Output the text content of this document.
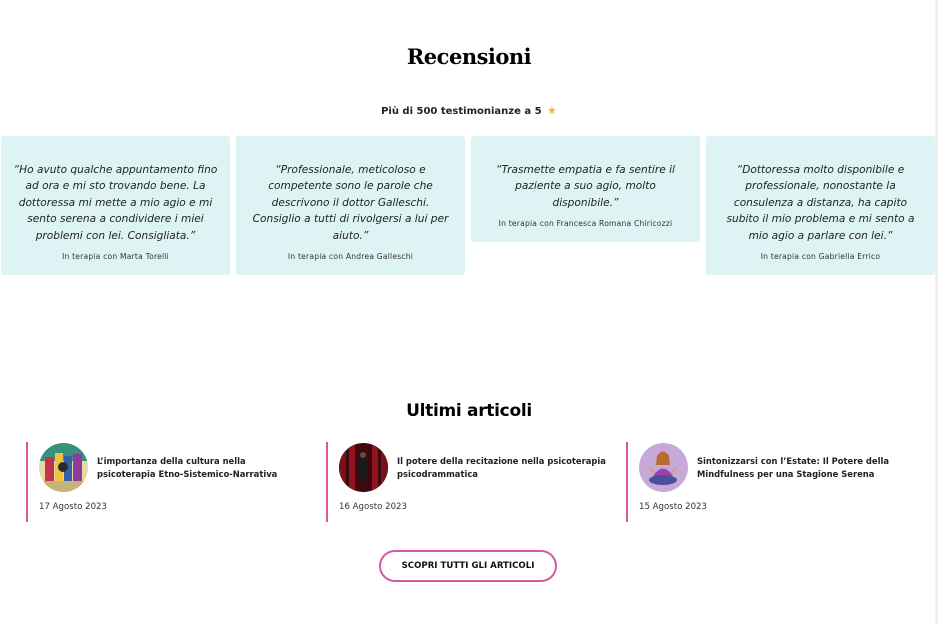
Recensioni
Più di 500 testimonianze a 5 ★

“Ho avuto qualche appuntamento fino ad ora e mi sto trovando bene. La dottoressa mi mette a mio agio e mi sento serena a condividere i miei problemi con lei. Consigliata.”

In terapia con Marta Torelli

“Professionale, meticoloso e competente sono le parole che descrivono il dottor Galleschi. Consiglio a tutti di rivolgersi a lui per aiuto.”

In terapia con Andrea Galleschi

“Trasmette empatia e fa sentire il paziente a suo agio, molto disponibile.”

In terapia con Francesca Romana Chiricozzi

“Dottoressa molto disponibile e professionale, nonostante la consulenza a distanza, ha capito subito il mio problema e mi sento a mio agio a parlare con lei.”

In terapia con Gabriella Errico

Ultimi articoli
L’importanza della cultura nella psicoterapia Etno-Sistemico-Narrativa
17 Agosto 2023
Il potere della recitazione nella psicoterapia psicodrammatica
16 Agosto 2023
Sintonizzarsi con l’Estate: Il Potere della Mindfulness per una Stagione Serena
15 Agosto 2023
SCOPRI TUTTI GLI ARTICOLI
